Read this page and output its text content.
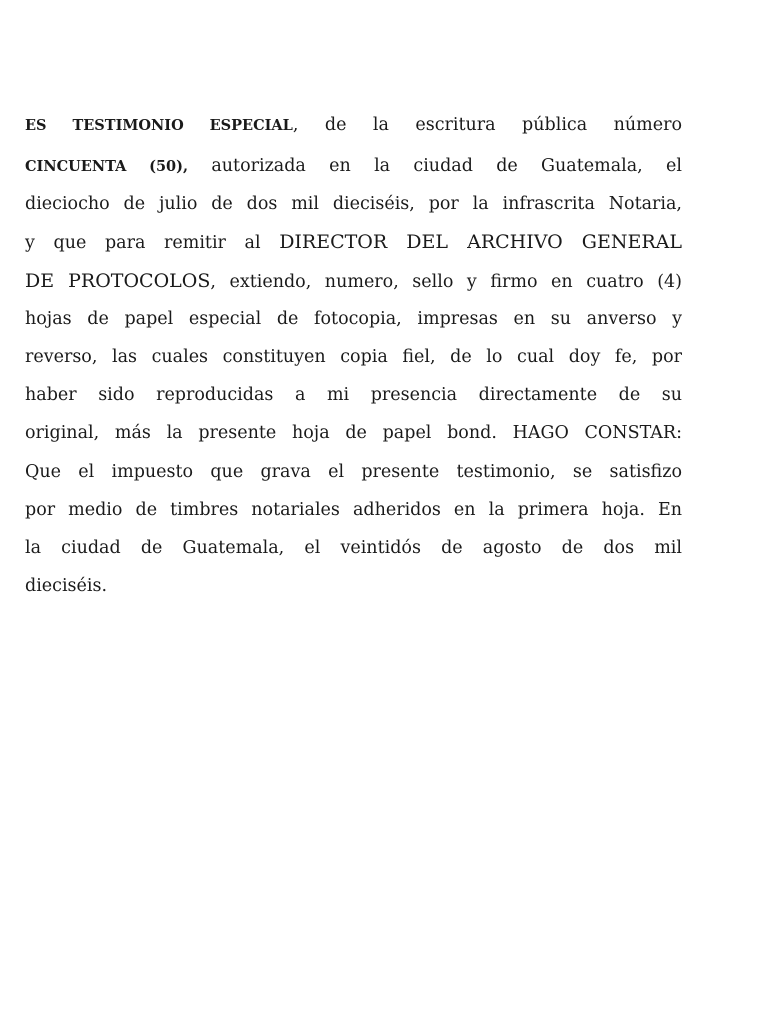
ES TESTIMONIO ESPECIAL, de la escritura pública número
CINCUENTA (50), autorizada en la ciudad de Guatemala, el
dieciocho de julio de dos mil dieciséis, por la infrascrita Notaria,
y que para remitir al DIRECTOR DEL ARCHIVO GENERAL
DE PROTOCOLOS, extiendo, numero, sello y firmo en cuatro (4)
hojas de papel especial de fotocopia, impresas en su anverso y
reverso, las cuales constituyen copia fiel, de lo cual doy fe, por
haber sido reproducidas a mi presencia directamente de su
original, más la presente hoja de papel bond. HAGO CONSTAR:
Que el impuesto que grava el presente testimonio, se satisfizo
por medio de timbres notariales adheridos en la primera hoja. En
la ciudad de Guatemala, el veintidós de agosto de dos mil
dieciséis.
